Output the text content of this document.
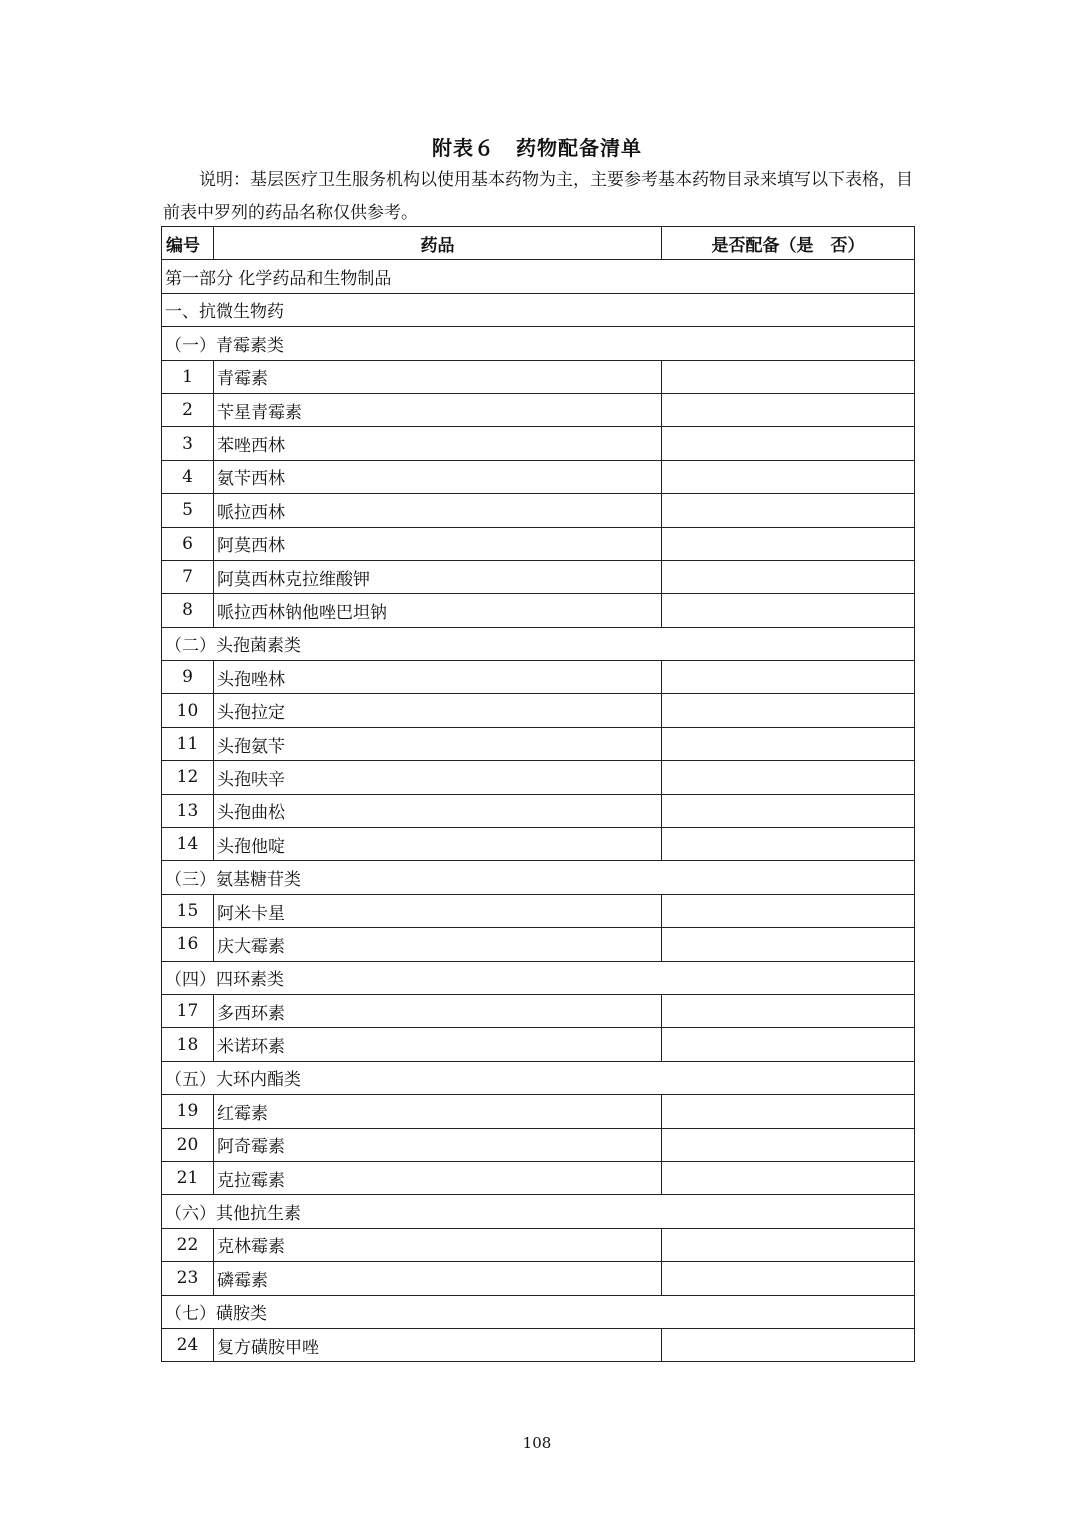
附表６　药物配备清单
说明：基层医疗卫生服务机构以使用基本药物为主，主要参考基本药物目录来填写以下表格，目前表中罗列的药品名称仅供参考。
编号	药品	是否配备（是　否）
第一部分 化学药品和生物制品		
一、抗微生物药		
（一）青霉素类		
1	青霉素	
2	苄星青霉素	
3	苯唑西林	
4	氨苄西林	
5	哌拉西林	
6	阿莫西林	
7	阿莫西林克拉维酸钾	
8	哌拉西林钠他唑巴坦钠	
（二）头孢菌素类		
9	头孢唑林	
10	头孢拉定	
11	头孢氨苄	
12	头孢呋辛	
13	头孢曲松	
14	头孢他啶	
（三）氨基糖苷类		
15	阿米卡星	
16	庆大霉素	
（四）四环素类		
17	多西环素	
18	米诺环素	
（五）大环内酯类		
19	红霉素	
20	阿奇霉素	
21	克拉霉素	
（六）其他抗生素		
22	克林霉素	
23	磷霉素	
（七）磺胺类		
24	复方磺胺甲唑	
108
